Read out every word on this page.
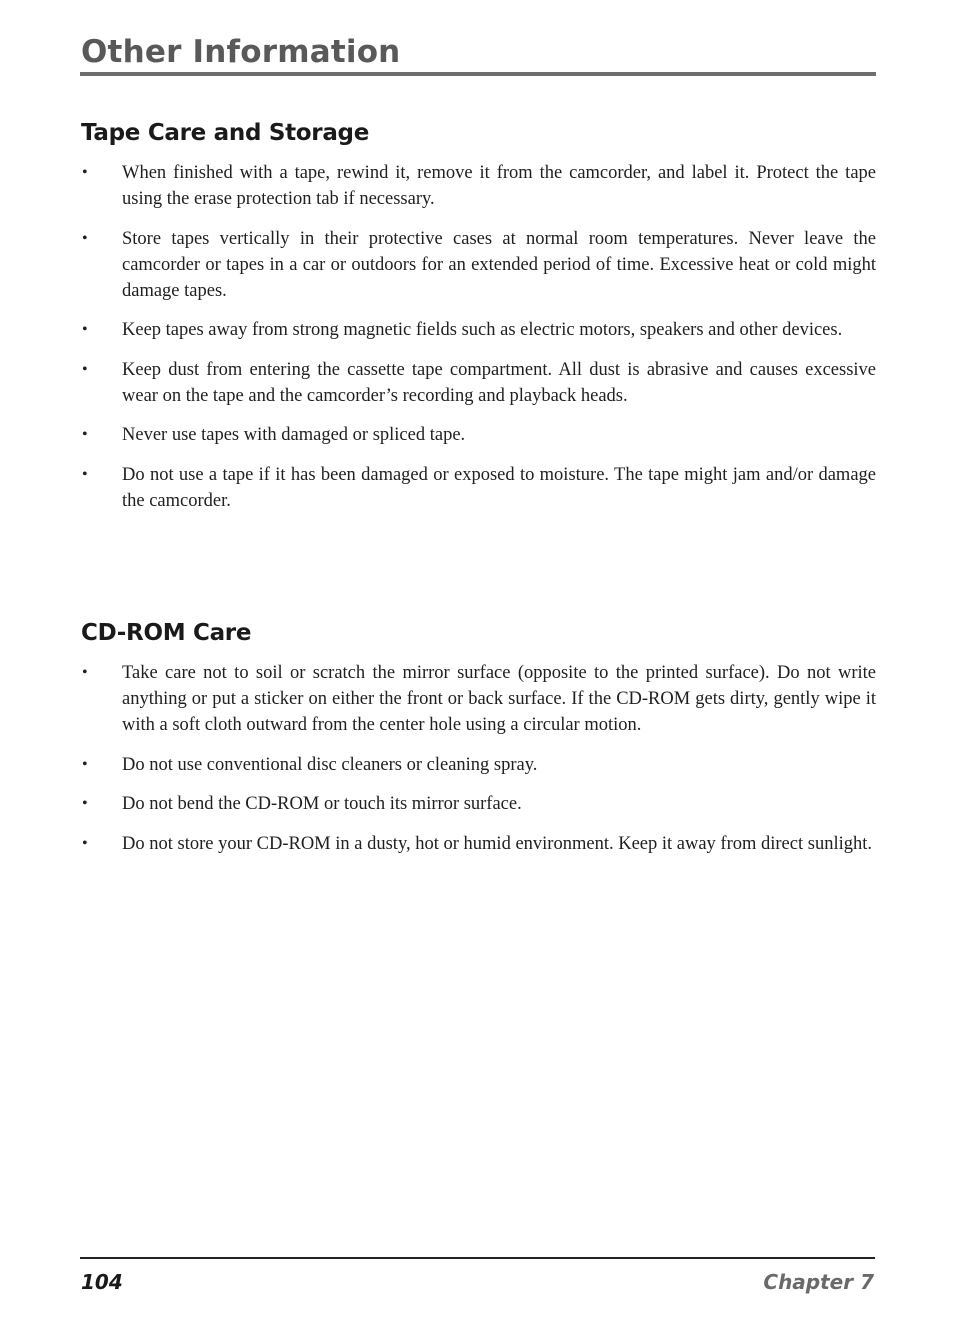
Other Information
Tape Care and Storage
•	When finished with a tape, rewind it, remove it from the camcorder, and label it. Protect the tape using the erase protection tab if necessary.
•	Store tapes vertically in their protective cases at normal room temperatures. Never leave the camcorder or tapes in a car or outdoors for an extended period of time. Excessive heat or cold might damage tapes.
•	Keep tapes away from strong magnetic fields such as electric motors, speakers and other devices.
•	Keep dust from entering the cassette tape compartment. All dust is abrasive and causes excessive wear on the tape and the camcorder’s recording and playback heads.
•	Never use tapes with damaged or spliced tape.
•	Do not use a tape if it has been damaged or exposed to moisture. The tape might jam and/or damage the camcorder.
CD-ROM Care
•	Take care not to soil or scratch the mirror surface (opposite to the printed surface). Do not write anything or put a sticker on either the front or back surface. If the CD-ROM gets dirty, gently wipe it with a soft cloth outward from the center hole using a circular motion.
•	Do not use conventional disc cleaners or cleaning spray.
•	Do not bend the CD-ROM or touch its mirror surface.
•	Do not store your CD-ROM in a dusty, hot or humid environment. Keep it away from direct sunlight.
104	Chapter 7
